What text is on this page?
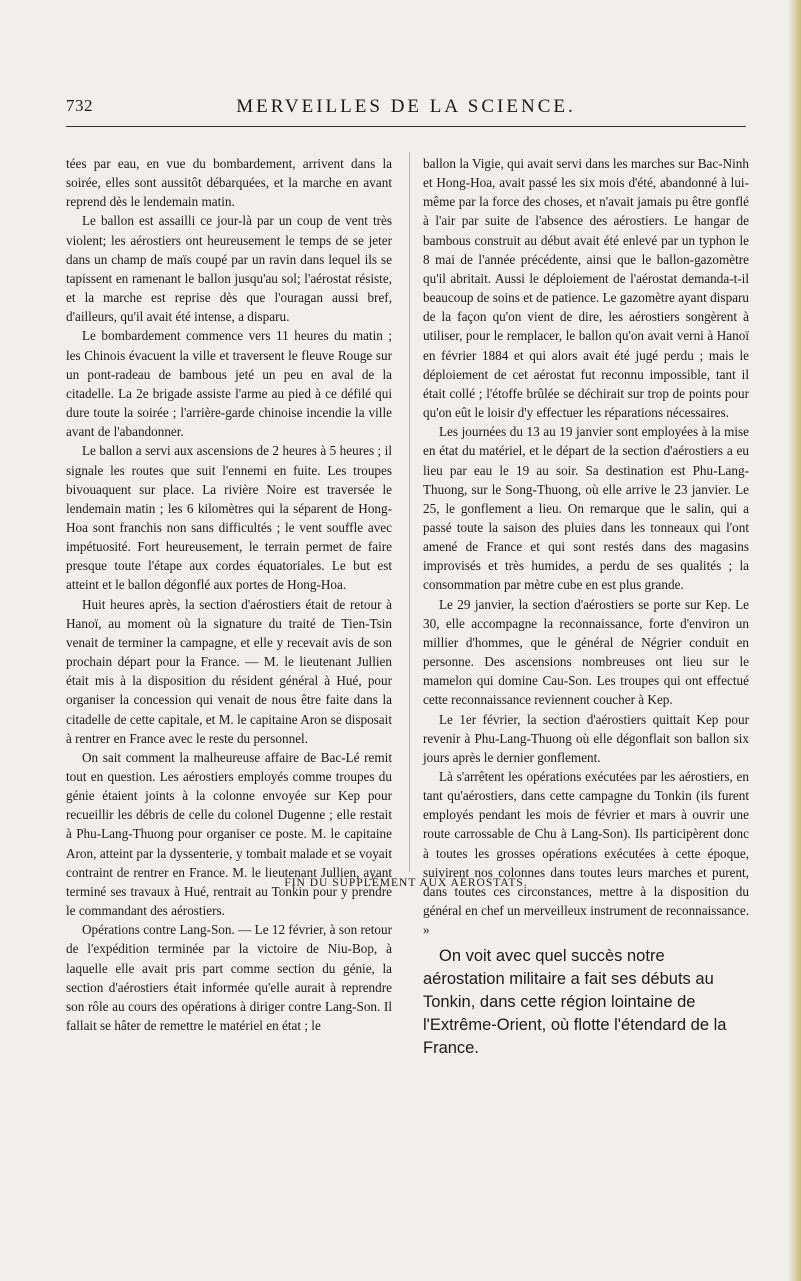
732	MERVEILLES DE LA SCIENCE.

tées par eau, en vue du bombardement, arrivent dans la soirée, elles sont aussitôt débarquées, et la marche en avant reprend dès le lendemain matin.

Le ballon est assailli ce jour-là par un coup de vent très violent; les aérostiers ont heureusement le temps de se jeter dans un champ de maïs coupé par un ravin dans lequel ils se tapissent en ramenant le ballon jusqu'au sol; l'aérostat résiste, et la marche est reprise dès que l'ouragan aussi bref, d'ailleurs, qu'il avait été intense, a disparu.

Le bombardement commence vers 11 heures du matin ; les Chinois évacuent la ville et traversent le fleuve Rouge sur un pont-radeau de bambous jeté un peu en aval de la citadelle. La 2e brigade assiste l'arme au pied à ce défilé qui dure toute la soirée ; l'arrière-garde chinoise incendie la ville avant de l'abandonner.

Le ballon a servi aux ascensions de 2 heures à 5 heures ; il signale les routes que suit l'ennemi en fuite. Les troupes bivouaquent sur place. La rivière Noire est traversée le lendemain matin ; les 6 kilomètres qui la séparent de Hong-Hoa sont franchis non sans difficultés ; le vent souffle avec impétuosité. Fort heureusement, le terrain permet de faire presque toute l'étape aux cordes équatoriales. Le but est atteint et le ballon dégonflé aux portes de Hong-Hoa.

Huit heures après, la section d'aérostiers était de retour à Hanoï, au moment où la signature du traité de Tien-Tsin venait de terminer la campagne, et elle y recevait avis de son prochain départ pour la France. — M. le lieutenant Jullien était mis à la disposition du résident général à Hué, pour organiser la concession qui venait de nous être faite dans la citadelle de cette capitale, et M. le capitaine Aron se disposait à rentrer en France avec le reste du personnel.

On sait comment la malheureuse affaire de Bac-Lé remit tout en question. Les aérostiers employés comme troupes du génie étaient joints à la colonne envoyée sur Kep pour recueillir les débris de celle du colonel Dugenne ; elle restait à Phu-Lang-Thuong pour organiser ce poste. M. le capitaine Aron, atteint par la dyssenterie, y tombait malade et se voyait contraint de rentrer en France. M. le lieutenant Jullien, ayant terminé ses travaux à Hué, rentrait au Tonkin pour y prendre le commandant des aérostiers.

Opérations contre Lang-Son. — Le 12 février, à son retour de l'expédition terminée par la victoire de Niu-Bop, à laquelle elle avait pris part comme section du génie, la section d'aérostiers était informée qu'elle aurait à reprendre son rôle au cours des opérations à diriger contre Lang-Son. Il fallait se hâter de remettre le matériel en état ; le

ballon la Vigie, qui avait servi dans les marches sur Bac-Ninh et Hong-Hoa, avait passé les six mois d'été, abandonné à lui-même par la force des choses, et n'avait jamais pu être gonflé à l'air par suite de l'absence des aérostiers. Le hangar de bambous construit au début avait été enlevé par un typhon le 8 mai de l'année précédente, ainsi que le ballon-gazomètre qu'il abritait. Aussi le déploiement de l'aérostat demanda-t-il beaucoup de soins et de patience. Le gazomètre ayant disparu de la façon qu'on vient de dire, les aérostiers songèrent à utiliser, pour le remplacer, le ballon qu'on avait verni à Hanoï en février 1884 et qui alors avait été jugé perdu ; mais le déploiement de cet aérostat fut reconnu impossible, tant il était collé ; l'étoffe brûlée se déchirait sur trop de points pour qu'on eût le loisir d'y effectuer les réparations nécessaires.

Les journées du 13 au 19 janvier sont employées à la mise en état du matériel, et le départ de la section d'aérostiers a eu lieu par eau le 19 au soir. Sa destination est Phu-Lang-Thuong, sur le Song-Thuong, où elle arrive le 23 janvier. Le 25, le gonflement a lieu. On remarque que le salin, qui a passé toute la saison des pluies dans les tonneaux qui l'ont amené de France et qui sont restés dans des magasins improvisés et très humides, a perdu de ses qualités ; la consommation par mètre cube en est plus grande.

Le 29 janvier, la section d'aérostiers se porte sur Kep. Le 30, elle accompagne la reconnaissance, forte d'environ un millier d'hommes, que le général de Négrier conduit en personne. Des ascensions nombreuses ont lieu sur le mamelon qui domine Cau-Son. Les troupes qui ont effectué cette reconnaissance reviennent coucher à Kep.

Le 1er février, la section d'aérostiers quittait Kep pour revenir à Phu-Lang-Thuong où elle dégonflait son ballon six jours après le dernier gonflement.

Là s'arrêtent les opérations exécutées par les aérostiers, en tant qu'aérostiers, dans cette campagne du Tonkin (ils furent employés pendant les mois de février et mars à ouvrir une route carrossable de Chu à Lang-Son). Ils participèrent donc à toutes les grosses opérations exécutées à cette époque, suivirent nos colonnes dans toutes leurs marches et purent, dans toutes ces circonstances, mettre à la disposition du général en chef un merveilleux instrument de reconnaissance. »

On voit avec quel succès notre aérostation militaire a fait ses débuts au Tonkin, dans cette région lointaine de l'Extrême-Orient, où flotte l'étendard de la France.

FIN DU SUPPLÉMENT AUX AÉROSTATS.
